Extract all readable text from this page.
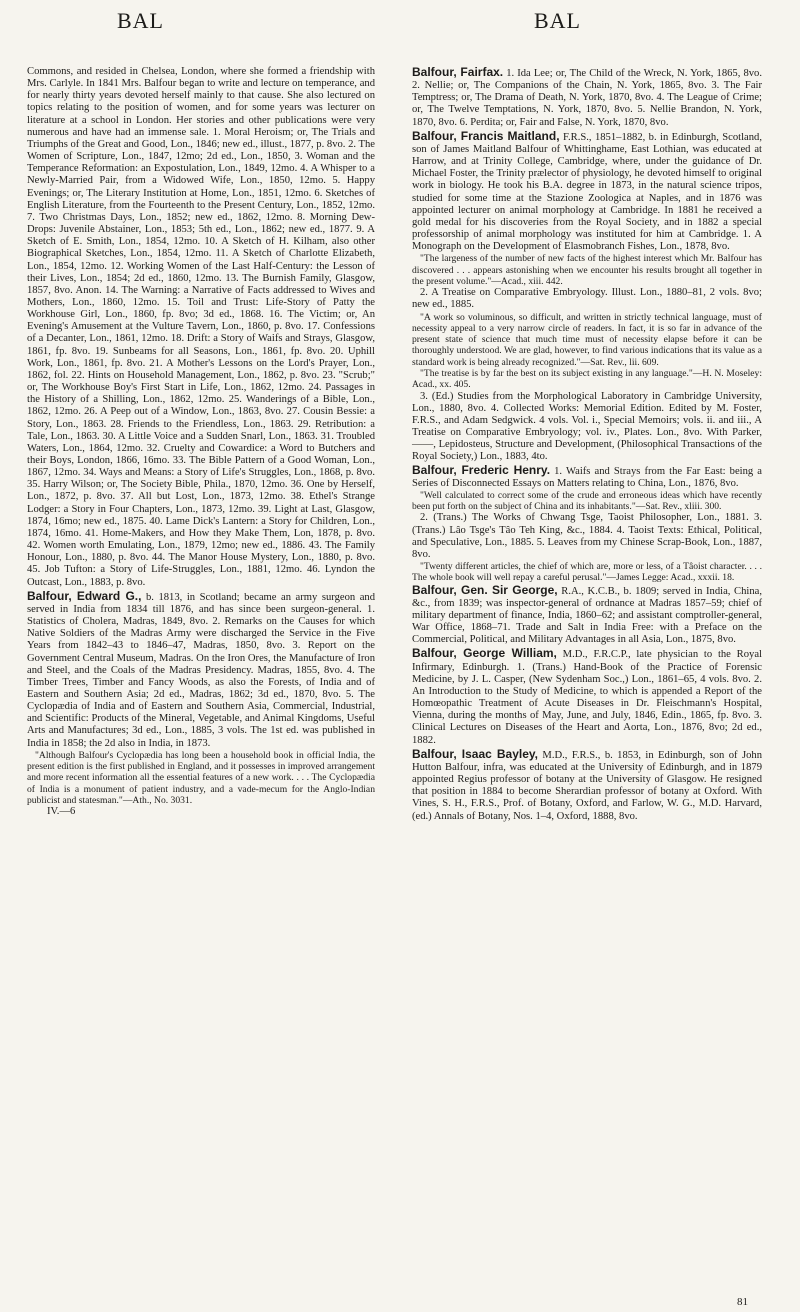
BAL	BAL

Commons, and resided in Chelsea, London, where she formed a friendship with Mrs. Carlyle. In 1841 Mrs. Balfour began to write and lecture on temperance, and for nearly thirty years devoted herself mainly to that cause. She also lectured on topics relating to the position of women, and for some years was lecturer on literature at a school in London. Her stories and other publications were very numerous and have had an immense sale. 1. Moral Heroism; or, The Trials and Triumphs of the Great and Good, Lon., 1846; new ed., illust., 1877, p. 8vo. 2. The Women of Scripture, Lon., 1847, 12mo; 2d ed., Lon., 1850, 3. Woman and the Temperance Reformation: an Expostulation, Lon., 1849, 12mo. 4. A Whisper to a Newly-Married Pair, from a Widowed Wife, Lon., 1850, 12mo. 5. Happy Evenings; or, The Literary Institution at Home, Lon., 1851, 12mo. 6. Sketches of English Literature, from the Fourteenth to the Present Century, Lon., 1852, 12mo. 7. Two Christmas Days, Lon., 1852; new ed., 1862, 12mo. 8. Morning Dew-Drops: Juvenile Abstainer, Lon., 1853; 5th ed., Lon., 1862; new ed., 1877. 9. A Sketch of E. Smith, Lon., 1854, 12mo. 10. A Sketch of H. Kilham, also other Biographical Sketches, Lon., 1854, 12mo. 11. A Sketch of Charlotte Elizabeth, Lon., 1854, 12mo. 12. Working Women of the Last Half-Century: the Lesson of their Lives, Lon., 1854; 2d ed., 1860, 12mo. 13. The Burnish Family, Glasgow, 1857, 8vo. Anon. 14. The Warning: a Narrative of Facts addressed to Wives and Mothers, Lon., 1860, 12mo. 15. Toil and Trust: Life-Story of Patty the Workhouse Girl, Lon., 1860, fp. 8vo; 3d ed., 1868. 16. The Victim; or, An Evening's Amusement at the Vulture Tavern, Lon., 1860, p. 8vo. 17. Confessions of a Decanter, Lon., 1861, 12mo. 18. Drift: a Story of Waifs and Strays, Glasgow, 1861, fp. 8vo. 19. Sunbeams for all Seasons, Lon., 1861, fp. 8vo. 20. Uphill Work, Lon., 1861, fp. 8vo. 21. A Mother's Lessons on the Lord's Prayer, Lon., 1862, fol. 22. Hints on Household Management, Lon., 1862, p. 8vo. 23. "Scrub;" or, The Workhouse Boy's First Start in Life, Lon., 1862, 12mo. 24. Passages in the History of a Shilling, Lon., 1862, 12mo. 25. Wanderings of a Bible, Lon., 1862, 12mo. 26. A Peep out of a Window, Lon., 1863, 8vo. 27. Cousin Bessie: a Story, Lon., 1863. 28. Friends to the Friendless, Lon., 1863. 29. Retribution: a Tale, Lon., 1863. 30. A Little Voice and a Sudden Snarl, Lon., 1863. 31. Troubled Waters, Lon., 1864, 12mo. 32. Cruelty and Cowardice: a Word to Butchers and their Boys, London, 1866, 16mo. 33. The Bible Pattern of a Good Woman, Lon., 1867, 12mo. 34. Ways and Means: a Story of Life's Struggles, Lon., 1868, p. 8vo. 35. Harry Wilson; or, The Society Bible, Phila., 1870, 12mo. 36. One by Herself, Lon., 1872, p. 8vo. 37. All but Lost, Lon., 1873, 12mo. 38. Ethel's Strange Lodger: a Story in Four Chapters, Lon., 1873, 12mo. 39. Light at Last, Glasgow, 1874, 16mo; new ed., 1875. 40. Lame Dick's Lantern: a Story for Children, Lon., 1874, 16mo. 41. Home-Makers, and How they Make Them, Lon, 1878, p. 8vo. 42. Women worth Emulating, Lon., 1879, 12mo; new ed., 1886. 43. The Family Honour, Lon., 1880, p. 8vo. 44. The Manor House Mystery, Lon., 1880, p. 8vo. 45. Job Tufton: a Story of Life-Struggles, Lon., 1881, 12mo. 46. Lyndon the Outcast, Lon., 1883, p. 8vo.

Balfour, Edward G., b. 1813, in Scotland; became an army surgeon and served in India from 1834 till 1876, and has since been surgeon-general. 1. Statistics of Cholera, Madras, 1849, 8vo. 2. Remarks on the Causes for which Native Soldiers of the Madras Army were discharged the Service in the Five Years from 1842–43 to 1846–47, Madras, 1850, 8vo. 3. Report on the Government Central Museum, Madras. On the Iron Ores, the Manufacture of Iron and Steel, and the Coals of the Madras Presidency. Madras, 1855, 8vo. 4. The Timber Trees, Timber and Fancy Woods, as also the Forests, of India and of Eastern and Southern Asia; 2d ed., Madras, 1862; 3d ed., 1870, 8vo. 5. The Cyclopædia of India and of Eastern and Southern Asia, Commercial, Industrial, and Scientific: Products of the Mineral, Vegetable, and Animal Kingdoms, Useful Arts and Manufactures; 3d ed., Lon., 1885, 3 vols. The 1st ed. was published in India in 1858; the 2d also in India, in 1873.

"Although Balfour's Cyclopædia has long been a household book in official India, the present edition is the first published in England, and it possesses in improved arrangement and more recent information all the essential features of a new work. . . . The Cyclopædia of India is a monument of patient industry, and a vade-mecum for the Anglo-Indian publicist and statesman."—Ath., No. 3031.

IV.—6

Balfour, Fairfax. 1. Ida Lee; or, The Child of the Wreck, N. York, 1865, 8vo. 2. Nellie; or, The Companions of the Chain, N. York, 1865, 8vo. 3. The Fair Temptress; or, The Drama of Death, N. York, 1870, 8vo. 4. The League of Crime; or, The Twelve Temptations, N. York, 1870, 8vo. 5. Nellie Brandon, N. York, 1870, 8vo. 6. Perdita; or, Fair and False, N. York, 1870, 8vo.

Balfour, Francis Maitland, F.R.S., 1851–1882, b. in Edinburgh, Scotland, son of James Maitland Balfour of Whittinghame, East Lothian, was educated at Harrow, and at Trinity College, Cambridge, where, under the guidance of Dr. Michael Foster, the Trinity prælector of physiology, he devoted himself to original work in biology. He took his B.A. degree in 1873, in the natural science tripos, studied for some time at the Stazione Zoologica at Naples, and in 1876 was appointed lecturer on animal morphology at Cambridge. In 1881 he received a gold medal for his discoveries from the Royal Society, and in 1882 a special professorship of animal morphology was instituted for him at Cambridge. 1. A Monograph on the Development of Elasmobranch Fishes, Lon., 1878, 8vo.

"The largeness of the number of new facts of the highest interest which Mr. Balfour has discovered . . . appears astonishing when we encounter his results brought all together in the present volume."—Acad., xiii. 442.

2. A Treatise on Comparative Embryology. Illust. Lon., 1880–81, 2 vols. 8vo; new ed., 1885.

"A work so voluminous, so difficult, and written in strictly technical language, must of necessity appeal to a very narrow circle of readers. In fact, it is so far in advance of the present state of science that much time must of necessity elapse before it can be thoroughly understood. We are glad, however, to find various indications that its value as a standard work is being already recognized."—Sat. Rev., lii. 609.

"The treatise is by far the best on its subject existing in any language."—H. N. Moseley: Acad., xx. 405.

3. (Ed.) Studies from the Morphological Laboratory in Cambridge University, Lon., 1880, 8vo. 4. Collected Works: Memorial Edition. Edited by M. Foster, F.R.S., and Adam Sedgwick. 4 vols. Vol. i., Special Memoirs; vols. ii. and iii., A Treatise on Comparative Embryology; vol. iv., Plates. Lon., 8vo. With Parker, ——, Lepidosteus, Structure and Development, (Philosophical Transactions of the Royal Society,) Lon., 1883, 4to.

Balfour, Frederic Henry. 1. Waifs and Strays from the Far East: being a Series of Disconnected Essays on Matters relating to China, Lon., 1876, 8vo.

"Well calculated to correct some of the crude and erroneous ideas which have recently been put forth on the subject of China and its inhabitants."—Sat. Rev., xliii. 300.

2. (Trans.) The Works of Chwang Tsge, Taoist Philosopher, Lon., 1881. 3. (Trans.) Lâo Tsge's Tâo Teh King, &c., 1884. 4. Taoist Texts: Ethical, Political, and Speculative, Lon., 1885. 5. Leaves from my Chinese Scrap-Book, Lon., 1887, 8vo.

"Twenty different articles, the chief of which are, more or less, of a Tâoist character. . . . The whole book will well repay a careful perusal."—James Legge: Acad., xxxii. 18.

Balfour, Gen. Sir George, R.A., K.C.B., b. 1809; served in India, China, &c., from 1839; was inspector-general of ordnance at Madras 1857–59; chief of military department of finance, India, 1860–62; and assistant comptroller-general, War Office, 1868–71. Trade and Salt in India Free: with a Preface on the Commercial, Political, and Military Advantages in all Asia, Lon., 1875, 8vo.

Balfour, George William, M.D., F.R.C.P., late physician to the Royal Infirmary, Edinburgh. 1. (Trans.) Hand-Book of the Practice of Forensic Medicine, by J. L. Casper, (New Sydenham Soc.,) Lon., 1861–65, 4 vols. 8vo. 2. An Introduction to the Study of Medicine, to which is appended a Report of the Homœopathic Treatment of Acute Diseases in Dr. Fleischmann's Hospital, Vienna, during the months of May, June, and July, 1846, Edin., 1865, fp. 8vo. 3. Clinical Lectures on Diseases of the Heart and Aorta, Lon., 1876, 8vo; 2d ed., 1882.

Balfour, Isaac Bayley, M.D., F.R.S., b. 1853, in Edinburgh, son of John Hutton Balfour, infra, was educated at the University of Edinburgh, and in 1879 appointed Regius professor of botany at the University of Glasgow. He resigned that position in 1884 to become Sherardian professor of botany at Oxford. With Vines, S. H., F.R.S., Prof. of Botany, Oxford, and Farlow, W. G., M.D. Harvard, (ed.) Annals of Botany, Nos. 1–4, Oxford, 1888, 8vo.

81
